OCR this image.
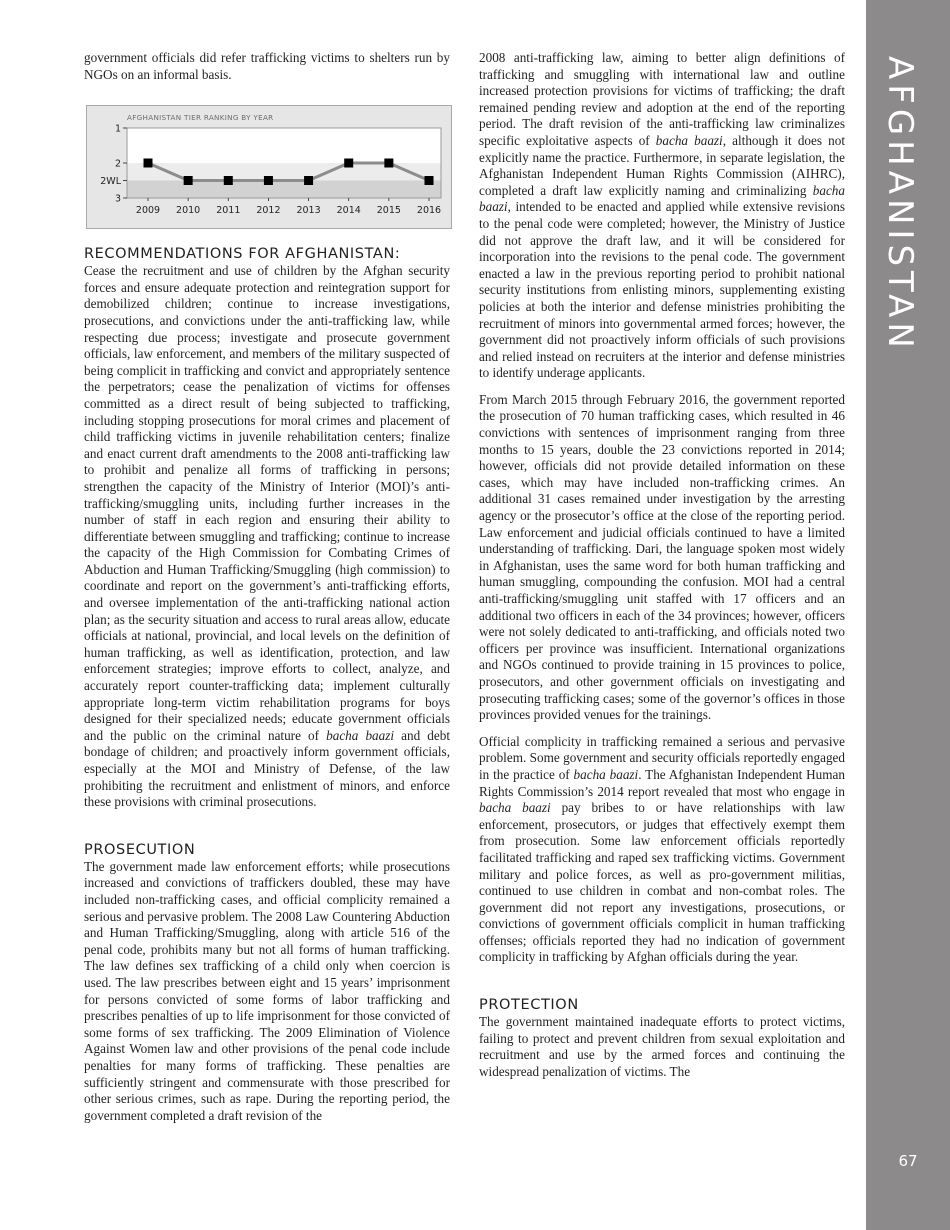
AFGHANISTAN
67

government officials did refer trafficking victims to shelters run by NGOs on an informal basis.

AFGHANISTAN TIER RANKING BY YEAR
1
2
2WL
3
2009 2010 2011 2012 2013 2014 2015 2016
RECOMMENDATIONS FOR AFGHANISTAN:

Cease the recruitment and use of children by the Afghan security forces and ensure adequate protection and reintegration support for demobilized children; continue to increase investigations, prosecutions, and convictions under the anti-trafficking law, while respecting due process; investigate and prosecute government officials, law enforcement, and members of the military suspected of being complicit in trafficking and convict and appropriately sentence the perpetrators; cease the penalization of victims for offenses committed as a direct result of being subjected to trafficking, including stopping prosecutions for moral crimes and placement of child trafficking victims in juvenile rehabilitation centers; finalize and enact current draft amendments to the 2008 anti-trafficking law to prohibit and penalize all forms of trafficking in persons; strengthen the capacity of the Ministry of Interior (MOI)’s anti-trafficking/smuggling units, including further increases in the number of staff in each region and ensuring their ability to differentiate between smuggling and trafficking; continue to increase the capacity of the High Commission for Combating Crimes of Abduction and Human Trafficking/Smuggling (high commission) to coordinate and report on the government’s anti-trafficking efforts, and oversee implementation of the anti-trafficking national action plan; as the security situation and access to rural areas allow, educate officials at national, provincial, and local levels on the definition of human trafficking, as well as identification, protection, and law enforcement strategies; improve efforts to collect, analyze, and accurately report counter-trafficking data; implement culturally appropriate long-term victim rehabilitation programs for boys designed for their specialized needs; educate government officials and the public on the criminal nature of bacha baazi and debt bondage of children; and proactively inform government officials, especially at the MOI and Ministry of Defense, of the law prohibiting the recruitment and enlistment of minors, and enforce these provisions with criminal prosecutions.

PROSECUTION

The government made law enforcement efforts; while prosecutions increased and convictions of traffickers doubled, these may have included non-trafficking cases, and official complicity remained a serious and pervasive problem. The 2008 Law Countering Abduction and Human Trafficking/Smuggling, along with article 516 of the penal code, prohibits many but not all forms of human trafficking. The law defines sex trafficking of a child only when coercion is used. The law prescribes between eight and 15 years’ imprisonment for persons convicted of some forms of labor trafficking and prescribes penalties of up to life imprisonment for those convicted of some forms of sex trafficking. The 2009 Elimination of Violence Against Women law and other provisions of the penal code include penalties for many forms of trafficking. These penalties are sufficiently stringent and commensurate with those prescribed for other serious crimes, such as rape. During the reporting period, the government completed a draft revision of the

2008 anti-trafficking law, aiming to better align definitions of trafficking and smuggling with international law and outline increased protection provisions for victims of trafficking; the draft remained pending review and adoption at the end of the reporting period. The draft revision of the anti-trafficking law criminalizes specific exploitative aspects of bacha baazi, although it does not explicitly name the practice. Furthermore, in separate legislation, the Afghanistan Independent Human Rights Commission (AIHRC), completed a draft law explicitly naming and criminalizing bacha baazi, intended to be enacted and applied while extensive revisions to the penal code were completed; however, the Ministry of Justice did not approve the draft law, and it will be considered for incorporation into the revisions to the penal code. The government enacted a law in the previous reporting period to prohibit national security institutions from enlisting minors, supplementing existing policies at both the interior and defense ministries prohibiting the recruitment of minors into governmental armed forces; however, the government did not proactively inform officials of such provisions and relied instead on recruiters at the interior and defense ministries to identify underage applicants.

From March 2015 through February 2016, the government reported the prosecution of 70 human trafficking cases, which resulted in 46 convictions with sentences of imprisonment ranging from three months to 15 years, double the 23 convictions reported in 2014; however, officials did not provide detailed information on these cases, which may have included non-trafficking crimes. An additional 31 cases remained under investigation by the arresting agency or the prosecutor’s office at the close of the reporting period. Law enforcement and judicial officials continued to have a limited understanding of trafficking. Dari, the language spoken most widely in Afghanistan, uses the same word for both human trafficking and human smuggling, compounding the confusion. MOI had a central anti-trafficking/smuggling unit staffed with 17 officers and an additional two officers in each of the 34 provinces; however, officers were not solely dedicated to anti-trafficking, and officials noted two officers per province was insufficient. International organizations and NGOs continued to provide training in 15 provinces to police, prosecutors, and other government officials on investigating and prosecuting trafficking cases; some of the governor’s offices in those provinces provided venues for the trainings.

Official complicity in trafficking remained a serious and pervasive problem. Some government and security officials reportedly engaged in the practice of bacha baazi. The Afghanistan Independent Human Rights Commission’s 2014 report revealed that most who engage in bacha baazi pay bribes to or have relationships with law enforcement, prosecutors, or judges that effectively exempt them from prosecution. Some law enforcement officials reportedly facilitated trafficking and raped sex trafficking victims. Government military and police forces, as well as pro-government militias, continued to use children in combat and non-combat roles. The government did not report any investigations, prosecutions, or convictions of government officials complicit in human trafficking offenses; officials reported they had no indication of government complicity in trafficking by Afghan officials during the year.

PROTECTION

The government maintained inadequate efforts to protect victims, failing to protect and prevent children from sexual exploitation and recruitment and use by the armed forces and continuing the widespread penalization of victims. The
